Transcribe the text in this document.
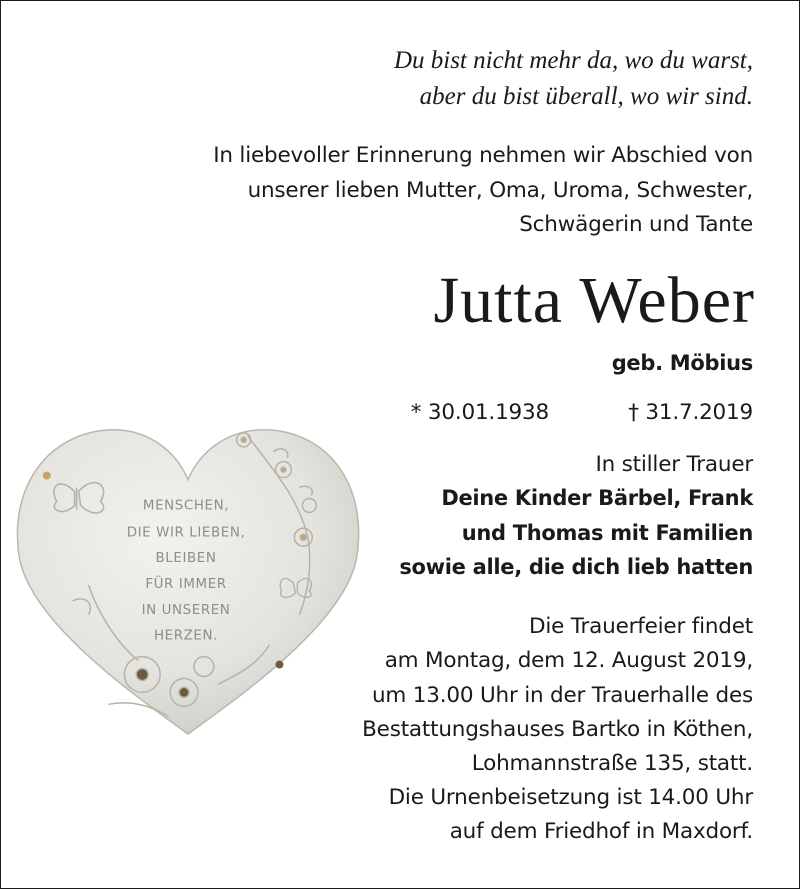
Du bist nicht mehr da, wo du warst,
aber du bist überall, wo wir sind.
In liebevoller Erinnerung nehmen wir Abschied von
unserer lieben Mutter, Oma, Uroma, Schwester,
Schwägerin und Tante
Jutta Weber
geb. Möbius
* 30.01.1938	† 31.7.2019
In stiller Trauer
Deine Kinder Bärbel, Frank
und Thomas mit Familien
sowie alle, die dich lieb hatten
Die Trauerfeier findet
am Montag, dem 12. August 2019,
um 13.00 Uhr in der Trauerhalle des
Bestattungshauses Bartko in Köthen,
Lohmannstraße 135, statt.
Die Urnenbeisetzung ist 14.00 Uhr
auf dem Friedhof in Maxdorf.
MENSCHEN,
DIE WIR LIEBEN,
BLEIBEN
FÜR IMMER
IN UNSEREN
HERZEN.
